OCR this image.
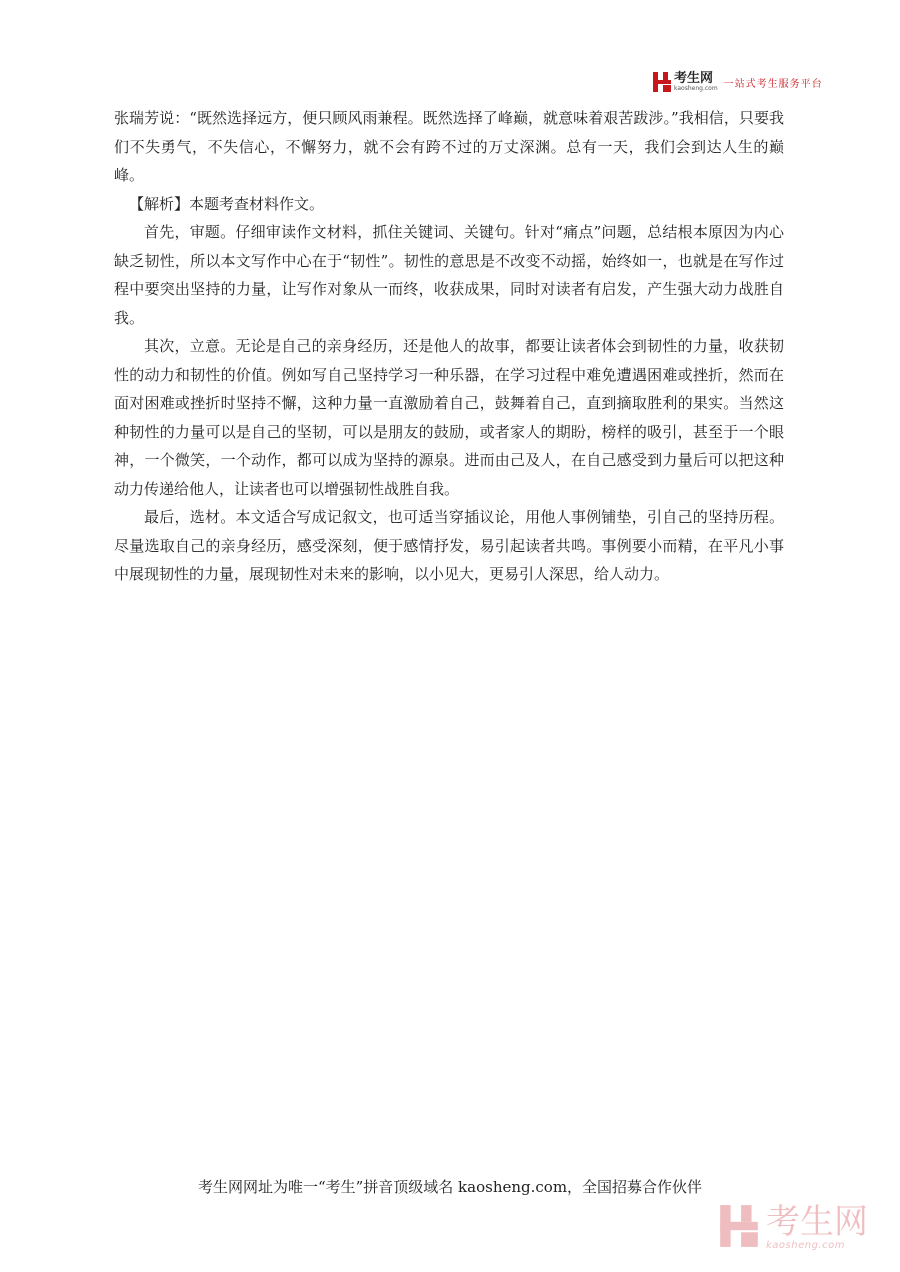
考生网
kaosheng.com 一站式考生服务平台

张瑞芳说：“既然选择远方，便只顾风雨兼程。既然选择了峰巅，就意味着艰苦跋涉。”我相信，只要我们不失勇气，不失信心，不懈努力，就不会有跨不过的万丈深渊。总有一天，我们会到达人生的巅峰。

【解析】本题考查材料作文。

首先，审题。仔细审读作文材料，抓住关键词、关键句。针对“痛点”问题，总结根本原因为内心缺乏韧性，所以本文写作中心在于“韧性”。韧性的意思是不改变不动摇，始终如一，也就是在写作过程中要突出坚持的力量，让写作对象从一而终，收获成果，同时对读者有启发，产生强大动力战胜自我。

其次，立意。无论是自己的亲身经历，还是他人的故事，都要让读者体会到韧性的力量，收获韧性的动力和韧性的价值。例如写自己坚持学习一种乐器，在学习过程中难免遭遇困难或挫折，然而在面对困难或挫折时坚持不懈，这种力量一直激励着自己，鼓舞着自己，直到摘取胜利的果实。当然这种韧性的力量可以是自己的坚韧，可以是朋友的鼓励，或者家人的期盼，榜样的吸引，甚至于一个眼神，一个微笑，一个动作，都可以成为坚持的源泉。进而由己及人，在自己感受到力量后可以把这种动力传递给他人，让读者也可以增强韧性战胜自我。

最后，选材。本文适合写成记叙文，也可适当穿插议论，用他人事例铺垫，引自己的坚持历程。尽量选取自己的亲身经历，感受深刻，便于感情抒发，易引起读者共鸣。事例要小而精，在平凡小事中展现韧性的力量，展现韧性对未来的影响，以小见大，更易引人深思，给人动力。

考生网网址为唯一“考生”拼音顶级域名 kaosheng.com，全国招募合作伙伴
考生网
kaosheng.com
